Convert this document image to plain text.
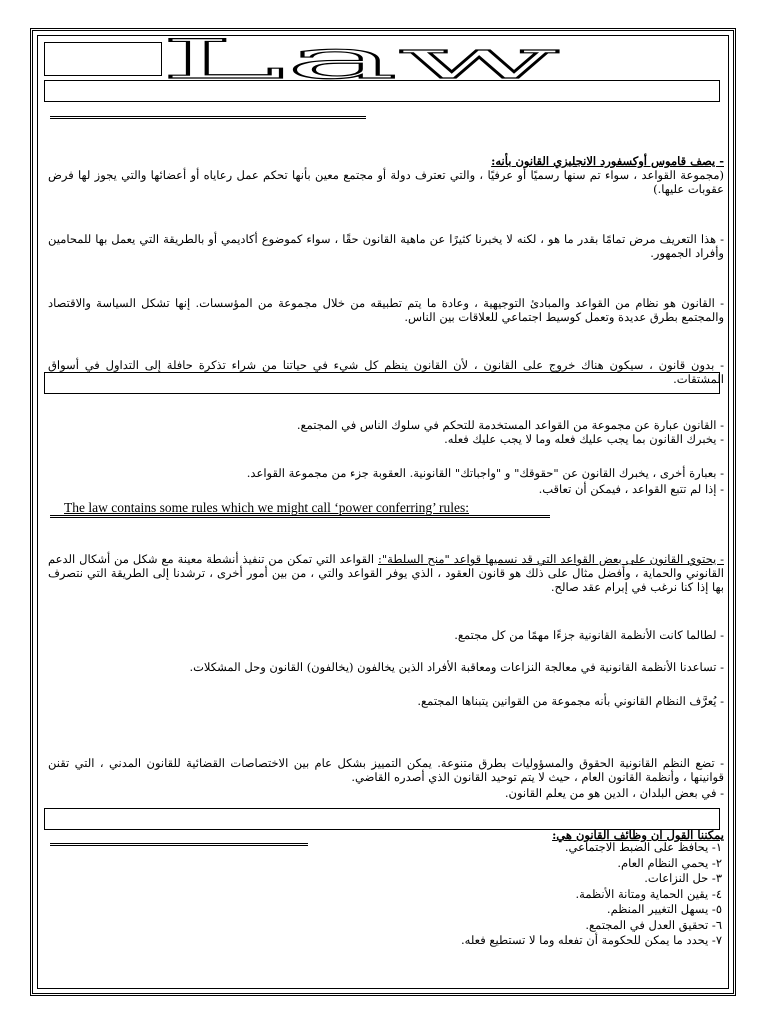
Law
- يصف قاموس أوكسفورد الانجليزي القانون بأنه:
(مجموعة القواعد ، سواء تم سنها رسميًا أو عرفيًا ، والتي تعترف دولة أو مجتمع معين بأنها تحكم عمل رعاياه أو أعضائها والتي يجوز لها فرض عقوبات عليها.)
- هذا التعريف مرض تمامًا بقدر ما هو ، لكنه لا يخبرنا كثيرًا عن ماهية القانون حقًا ، سواء كموضوع أكاديمي أو بالطريقة التي يعمل بها للمحامين وأفراد الجمهور.
- القانون هو نظام من القواعد والمبادئ التوجيهية ، وعادة ما يتم تطبيقه من خلال مجموعة من المؤسسات. إنها تشكل السياسة والاقتصاد والمجتمع بطرق عديدة وتعمل كوسيط اجتماعي للعلاقات بين الناس.
- بدون قانون ، سيكون هناك خروج على القانون ، لأن القانون ينظم كل شيء في حياتنا من شراء تذكرة حافلة إلى التداول في أسواق المشتقات.
- القانون عبارة عن مجموعة من القواعد المستخدمة للتحكم في سلوك الناس في المجتمع.
- يخبرك القانون بما يجب عليك فعله وما لا يجب عليك فعله.
- بعبارة أخرى ، يخبرك القانون عن "حقوقك" و "واجباتك" القانونية. العقوبة جزء من مجموعة القواعد.
- إذا لم تتبع القواعد ، فيمكن أن تعاقب.
The law contains some rules which we might call ‘power conferring’ rules:
- يحتوي القانون على بعض القواعد التي قد نسميها قواعد "منح السلطة": القواعد التي تمكن من تنفيذ أنشطة معينة مع شكل من أشكال الدعم القانوني والحماية ، وأفضل مثال على ذلك هو قانون العقود ، الذي يوفر القواعد والتي ، من بين أمور أخرى ، ترشدنا إلى الطريقة التي نتصرف بها إذا كنا نرغب في إبرام عقد صالح.
- لطالما كانت الأنظمة القانونية جزءًا مهمًا من كل مجتمع.
- تساعدنا الأنظمة القانونية في معالجة النزاعات ومعاقبة الأفراد الذين يخالفون (يخالفون) القانون وحل المشكلات.
- يُعرَّف النظام القانوني بأنه مجموعة من القوانين يتبناها المجتمع.
- تضع النظم القانونية الحقوق والمسؤوليات بطرق متنوعة. يمكن التمييز بشكل عام بين الاختصاصات القضائية للقانون المدني ، التي تقنن قوانينها ، وأنظمة القانون العام ، حيث لا يتم توحيد القانون الذي أصدره القاضي.
- في بعض البلدان ، الدين هو من يعلم القانون.
يمكننا القول ان وظائف القانون هي:
١- يحافظ على الضبط الاجتماعي.
٢- يحمي النظام العام.
٣- حل النزاعات.
٤- يقين الحماية ومتانة الأنظمة.
٥- يسهل التغيير المنظم.
٦- تحقيق العدل في المجتمع.
٧- يحدد ما يمكن للحكومة أن تفعله وما لا تستطيع فعله.
